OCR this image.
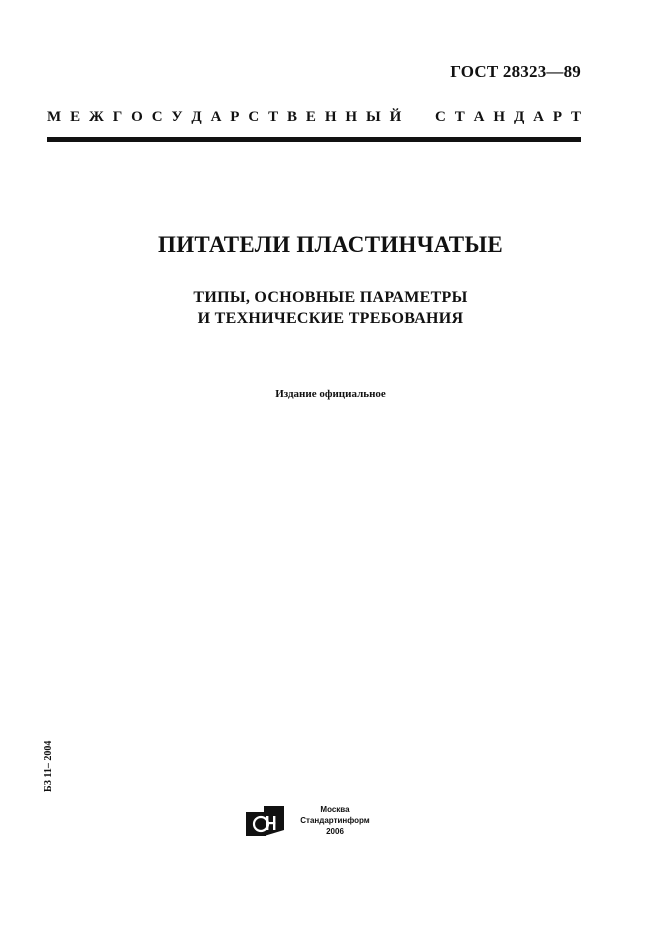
ГОСТ 28323—89
М Е Ж Г О С У Д А Р С Т В Е Н Н Ы Й С Т А Н Д А Р Т
ПИТАТЕЛИ ПЛАСТИНЧАТЫЕ
ТИПЫ, ОСНОВНЫЕ ПАРАМЕТРЫ
И ТЕХНИЧЕСКИЕ ТРЕБОВАНИЯ
Издание официальное
БЗ 11– 2004
Москва
Стандартинформ
2006
